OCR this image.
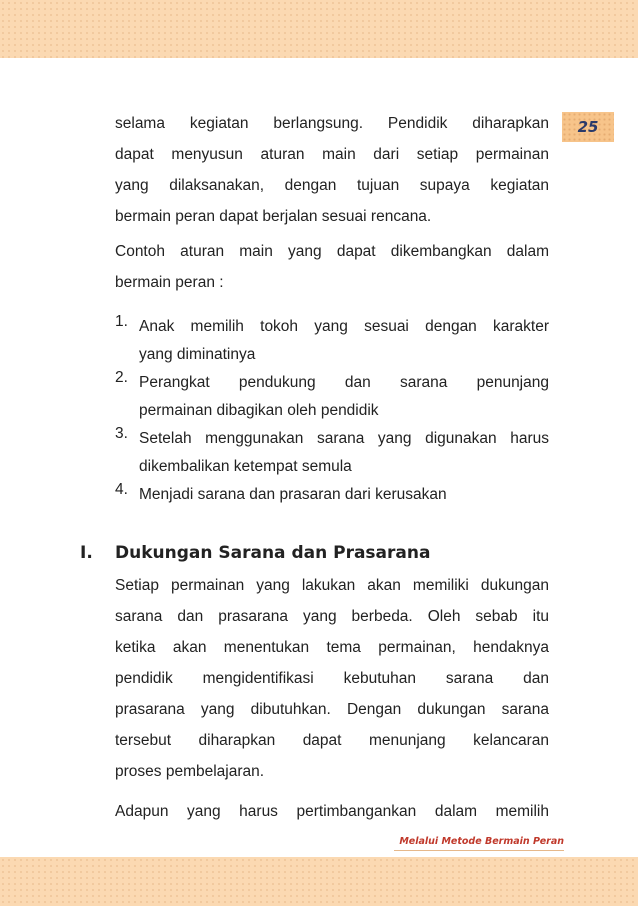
25
selama kegiatan berlangsung. Pendidik diharapkan
dapat menyusun aturan main dari setiap permainan
yang dilaksanakan, dengan tujuan supaya kegiatan
bermain peran dapat berjalan sesuai rencana.
Contoh aturan main yang dapat dikembangkan dalam
bermain peran :
1. Anak memilih tokoh yang sesuai dengan karakter
yang diminatinya
2. Perangkat pendukung dan sarana penunjang
permainan dibagikan oleh pendidik
3. Setelah menggunakan sarana yang digunakan harus
dikembalikan ketempat semula
4. Menjadi sarana dan prasaran dari kerusakan
I. Dukungan Sarana dan Prasarana
Setiap permainan yang lakukan akan memiliki dukungan
sarana dan prasarana yang berbeda. Oleh sebab itu
ketika akan menentukan tema permainan, hendaknya
pendidik mengidentifikasi kebutuhan sarana dan
prasarana yang dibutuhkan. Dengan dukungan sarana
tersebut diharapkan dapat menunjang kelancaran
proses pembelajaran.
Adapun yang harus pertimbangankan dalam memilih
Melalui Metode Bermain Peran
